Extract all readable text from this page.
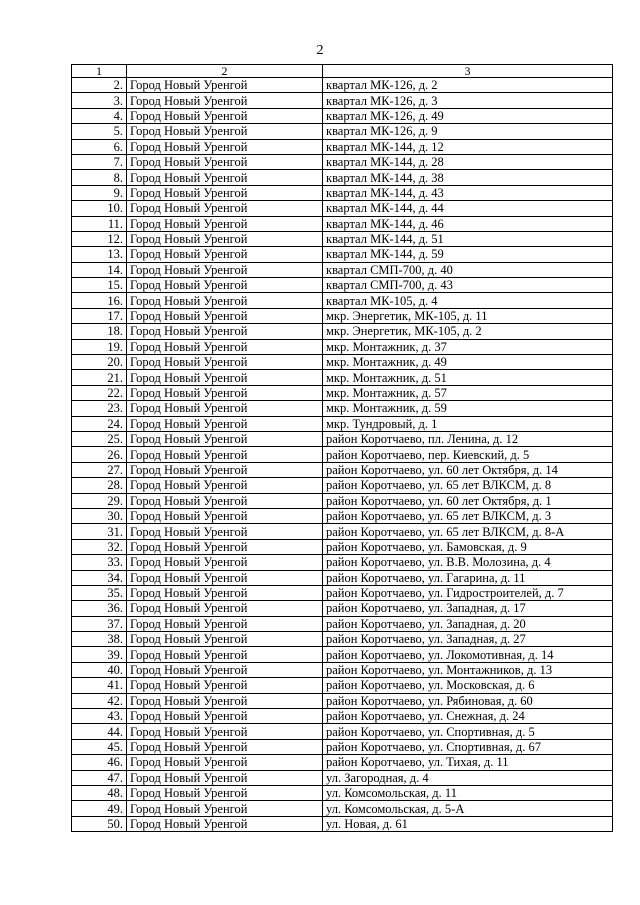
2
1	2	3
2.	Город Новый Уренгой	квартал МК-126, д. 2
3.	Город Новый Уренгой	квартал МК-126, д. 3
4.	Город Новый Уренгой	квартал МК-126, д. 49
5.	Город Новый Уренгой	квартал МК-126, д. 9
6.	Город Новый Уренгой	квартал МК-144, д. 12
7.	Город Новый Уренгой	квартал МК-144, д. 28
8.	Город Новый Уренгой	квартал МК-144, д. 38
9.	Город Новый Уренгой	квартал МК-144, д. 43
10.	Город Новый Уренгой	квартал МК-144, д. 44
11.	Город Новый Уренгой	квартал МК-144, д. 46
12.	Город Новый Уренгой	квартал МК-144, д. 51
13.	Город Новый Уренгой	квартал МК-144, д. 59
14.	Город Новый Уренгой	квартал СМП-700, д. 40
15.	Город Новый Уренгой	квартал СМП-700, д. 43
16.	Город Новый Уренгой	квартал МК-105, д. 4
17.	Город Новый Уренгой	мкр. Энергетик, МК-105, д. 11
18.	Город Новый Уренгой	мкр. Энергетик, МК-105, д. 2
19.	Город Новый Уренгой	мкр. Монтажник, д. 37
20.	Город Новый Уренгой	мкр. Монтажник, д. 49
21.	Город Новый Уренгой	мкр. Монтажник, д. 51
22.	Город Новый Уренгой	мкр. Монтажник, д. 57
23.	Город Новый Уренгой	мкр. Монтажник, д. 59
24.	Город Новый Уренгой	мкр. Тундровый, д. 1
25.	Город Новый Уренгой	район Коротчаево, пл. Ленина, д. 12
26.	Город Новый Уренгой	район Коротчаево, пер. Киевский, д. 5
27.	Город Новый Уренгой	район Коротчаево, ул. 60 лет Октября, д. 14
28.	Город Новый Уренгой	район Коротчаево, ул. 65 лет ВЛКСМ, д. 8
29.	Город Новый Уренгой	район Коротчаево, ул. 60 лет Октября, д. 1
30.	Город Новый Уренгой	район Коротчаево, ул. 65 лет ВЛКСМ, д. 3
31.	Город Новый Уренгой	район Коротчаево, ул. 65 лет ВЛКСМ, д. 8-А
32.	Город Новый Уренгой	район Коротчаево, ул. Бамовская, д. 9
33.	Город Новый Уренгой	район Коротчаево, ул. В.В. Молозина, д. 4
34.	Город Новый Уренгой	район Коротчаево, ул. Гагарина, д. 11
35.	Город Новый Уренгой	район Коротчаево, ул. Гидростроителей, д. 7
36.	Город Новый Уренгой	район Коротчаево, ул. Западная, д. 17
37.	Город Новый Уренгой	район Коротчаево, ул. Западная, д. 20
38.	Город Новый Уренгой	район Коротчаево, ул. Западная, д. 27
39.	Город Новый Уренгой	район Коротчаево, ул. Локомотивная, д. 14
40.	Город Новый Уренгой	район Коротчаево, ул. Монтажников, д. 13
41.	Город Новый Уренгой	район Коротчаево, ул. Московская, д. 6
42.	Город Новый Уренгой	район Коротчаево, ул. Рябиновая, д. 60
43.	Город Новый Уренгой	район Коротчаево, ул. Снежная, д. 24
44.	Город Новый Уренгой	район Коротчаево, ул. Спортивная, д. 5
45.	Город Новый Уренгой	район Коротчаево, ул. Спортивная, д. 67
46.	Город Новый Уренгой	район Коротчаево, ул. Тихая, д. 11
47.	Город Новый Уренгой	ул. Загородная, д. 4
48.	Город Новый Уренгой	ул. Комсомольская, д. 11
49.	Город Новый Уренгой	ул. Комсомольская, д. 5-А
50.	Город Новый Уренгой	ул. Новая, д. 61
